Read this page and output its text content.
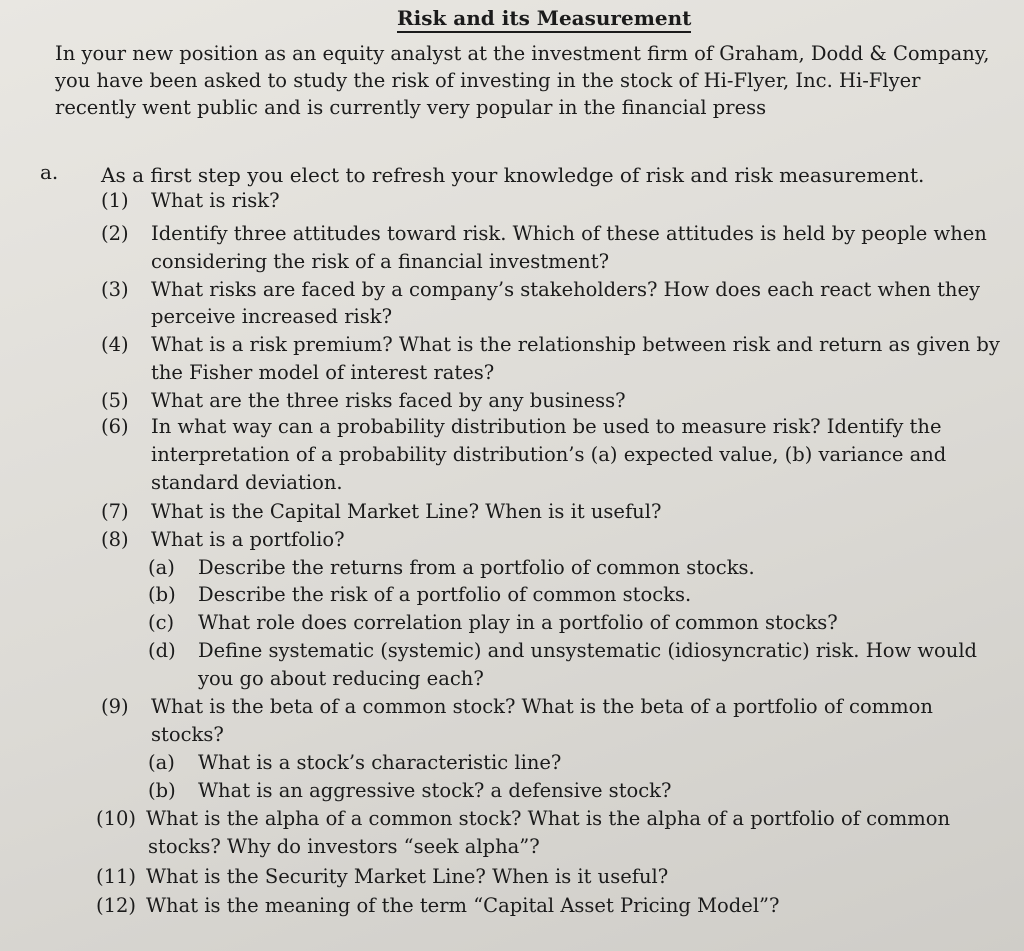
Risk and its Measurement
In your new position as an equity analyst at the investment firm of Graham, Dodd & Company,
you have been asked to study the risk of investing in the stock of Hi-Flyer, Inc. Hi-Flyer
recently went public and is currently very popular in the financial press
a. As a first step you elect to refresh your knowledge of risk and risk measurement.
(1) What is risk?
(2) Identify three attitudes toward risk. Which of these attitudes is held by people when
considering the risk of a financial investment?
(3) What risks are faced by a company’s stakeholders? How does each react when they
perceive increased risk?
(4) What is a risk premium? What is the relationship between risk and return as given by
the Fisher model of interest rates?
(5) What are the three risks faced by any business?
(6) In what way can a probability distribution be used to measure risk? Identify the
interpretation of a probability distribution’s (a) expected value, (b) variance and
standard deviation.
(7) What is the Capital Market Line? When is it useful?
(8) What is a portfolio?
(a) Describe the returns from a portfolio of common stocks.
(b) Describe the risk of a portfolio of common stocks.
(c) What role does correlation play in a portfolio of common stocks?
(d) Define systematic (systemic) and unsystematic (idiosyncratic) risk. How would
you go about reducing each?
(9) What is the beta of a common stock? What is the beta of a portfolio of common
stocks?
(a) What is a stock’s characteristic line?
(b) What is an aggressive stock? a defensive stock?
(10) What is the alpha of a common stock? What is the alpha of a portfolio of common
stocks? Why do investors “seek alpha”?
(11) What is the Security Market Line? When is it useful?
(12) What is the meaning of the term “Capital Asset Pricing Model”?
